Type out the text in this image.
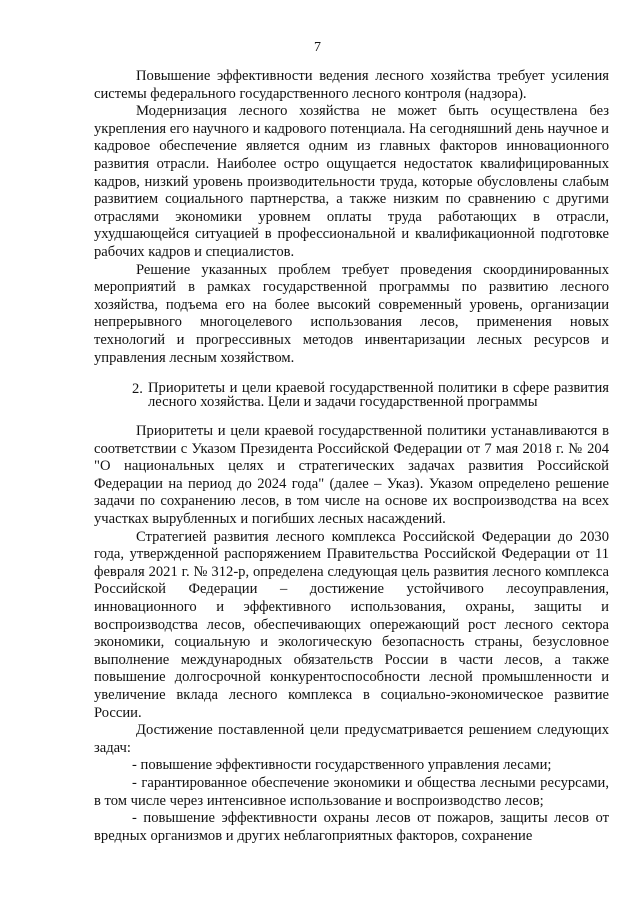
7

Повышение эффективности ведения лесного хозяйства требует усиления системы федерального государственного лесного контроля (надзора).

Модернизация лесного хозяйства не может быть осуществлена без укрепления его научного и кадрового потенциала. На сегодняшний день научное и кадровое обеспечение является одним из главных факторов инновационного развития отрасли. Наиболее остро ощущается недостаток квалифицированных кадров, низкий уровень производительности труда, которые обусловлены слабым развитием социального партнерства, а также низким по сравнению с другими отраслями экономики уровнем оплаты труда работающих в отрасли, ухудшающейся ситуацией в профессиональной и квалификационной подготовке рабочих кадров и специалистов.

Решение указанных проблем требует проведения скоординированных мероприятий в рамках государственной программы по развитию лесного хозяйства, подъема его на более высокий современный уровень, организации непрерывного многоцелевого использования лесов, применения новых технологий и прогрессивных методов инвентаризации лесных ресурсов и управления лесным хозяйством.

2. Приоритеты и цели краевой государственной политики в сфере развития лесного хозяйства. Цели и задачи государственной программы

Приоритеты и цели краевой государственной политики устанавливаются в соответствии с Указом Президента Российской Федерации от 7 мая 2018 г. № 204 "О национальных целях и стратегических задачах развития Российской Федерации на период до 2024 года" (далее – Указ). Указом определено решение задачи по сохранению лесов, в том числе на основе их воспроизводства на всех участках вырубленных и погибших лесных насаждений.

Стратегией развития лесного комплекса Российской Федерации до 2030 года, утвержденной распоряжением Правительства Российской Федерации от 11 февраля 2021 г. № 312-р, определена следующая цель развития лесного комплекса Российской Федерации – достижение устойчивого лесоуправления, инновационного и эффективного использования, охраны, защиты и воспроизводства лесов, обеспечивающих опережающий рост лесного сектора экономики, социальную и экологическую безопасность страны, безусловное выполнение международных обязательств России в части лесов, а также повышение долгосрочной конкурентоспособности лесной промышленности и увеличение вклада лесного комплекса в социально-экономическое развитие России.

Достижение поставленной цели предусматривается решением следующих задач:

- повышение эффективности государственного управления лесами;

- гарантированное обеспечение экономики и общества лесными ресурсами, в том числе через интенсивное использование и воспроизводство лесов;

- повышение эффективности охраны лесов от пожаров, защиты лесов от вредных организмов и других неблагоприятных факторов, сохранение
